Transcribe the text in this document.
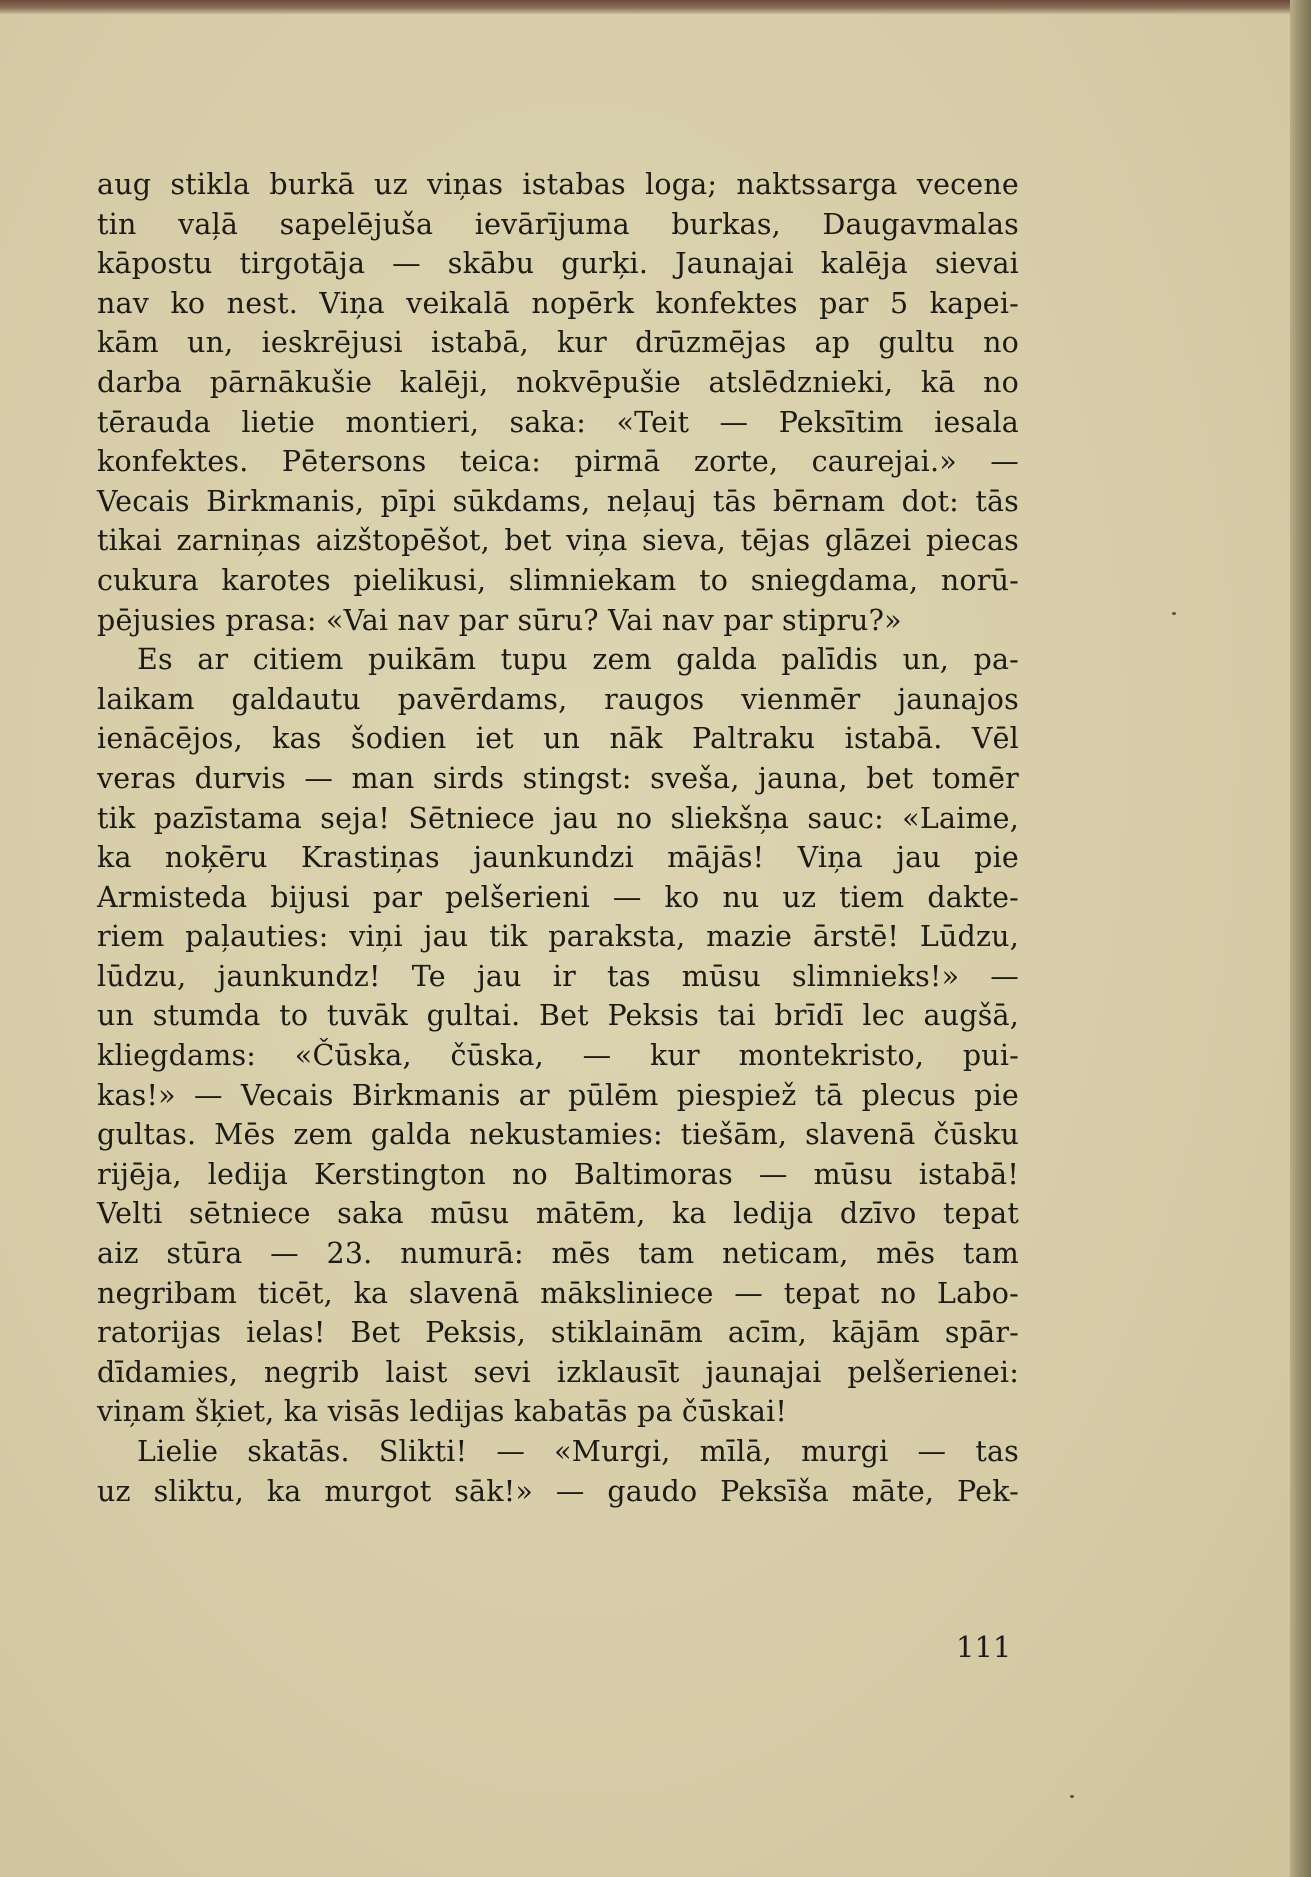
aug stikla burkā uz viņas istabas loga; naktssarga vecene
tin vaļā sapelējuša ievārījuma burkas, Daugavmalas
kāpostu tirgotāja — skābu gurķi. Jaunajai kalēja sievai
nav ko nest. Viņa veikalā nopērk konfektes par 5 kapei-
kām un, ieskrējusi istabā, kur drūzmējas ap gultu no
darba pārnākušie kalēji, nokvēpušie atslēdznieki, kā no
tērauda lietie montieri, saka: «Teit — Peksītim iesala
konfektes. Pētersons teica: pirmā zorte, caurejai.» —
Vecais Birkmanis, pīpi sūkdams, neļauj tās bērnam dot: tās
tikai zarniņas aizštopēšot, bet viņa sieva, tējas glāzei piecas
cukura karotes pielikusi, slimniekam to sniegdama, norū-
pējusies prasa: «Vai nav par sūru? Vai nav par stipru?»
Es ar citiem puikām tupu zem galda palīdis un, pa-
laikam galdautu pavērdams, raugos vienmēr jaunajos
ienācējos, kas šodien iet un nāk Paltraku istabā. Vēl
veras durvis — man sirds stingst: sveša, jauna, bet tomēr
tik pazīstama seja! Sētniece jau no sliekšņa sauc: «Laime,
ka noķēru Krastiņas jaunkundzi mājās! Viņa jau pie
Armisteda bijusi par pelšerieni — ko nu uz tiem dakte-
riem paļauties: viņi jau tik paraksta, mazie ārstē! Lūdzu,
lūdzu, jaunkundz! Te jau ir tas mūsu slimnieks!» —
un stumda to tuvāk gultai. Bet Peksis tai brīdī lec augšā,
kliegdams: «Čūska, čūska, — kur montekristo, pui-
kas!» — Vecais Birkmanis ar pūlēm piespiež tā plecus pie
gultas. Mēs zem galda nekustamies: tiešām, slavenā čūsku
rijēja, ledija Kerstington no Baltimoras — mūsu istabā!
Velti sētniece saka mūsu mātēm, ka ledija dzīvo tepat
aiz stūra — 23. numurā: mēs tam neticam, mēs tam
negribam ticēt, ka slavenā māksliniece — tepat no Labo-
ratorijas ielas! Bet Peksis, stiklainām acīm, kājām spār-
dīdamies, negrib laist sevi izklausīt jaunajai pelšerienei:
viņam šķiet, ka visās ledijas kabatās pa čūskai!
Lielie skatās. Slikti! — «Murgi, mīlā, murgi — tas
uz sliktu, ka murgot sāk!» — gaudo Peksīša māte, Pek-
111
